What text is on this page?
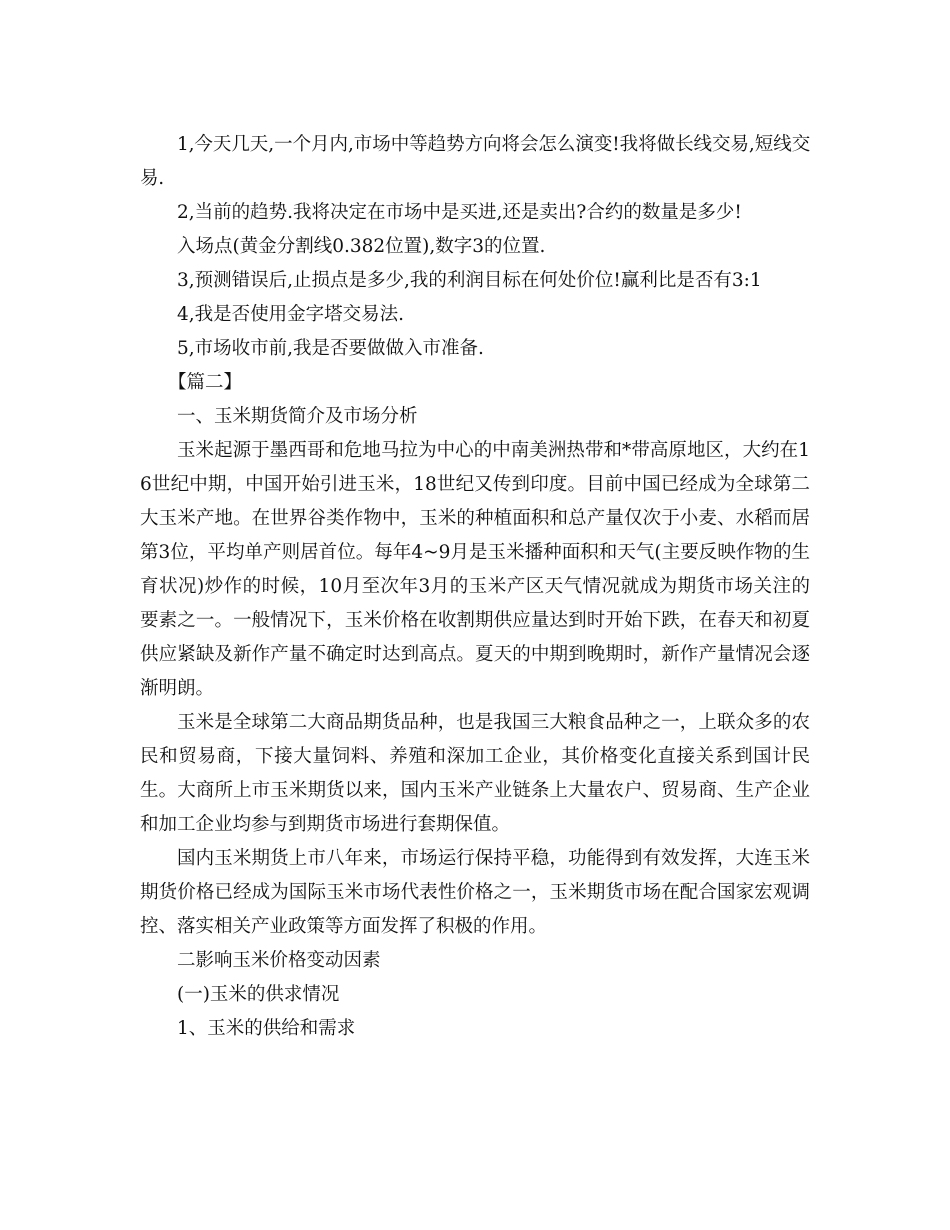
1,今天几天,一个月内,市场中等趋势方向将会怎么演变!我将做长线交易,短线交易.

2,当前的趋势.我将决定在市场中是买进,还是卖出?合约的数量是多少!

入场点(黄金分割线0.382位置),数字3的位置.

3,预测错误后,止损点是多少,我的利润目标在何处价位!赢利比是否有3:1

4,我是否使用金字塔交易法.

5,市场收市前,我是否要做做入市准备.

【篇二】

一、玉米期货简介及市场分析

玉米起源于墨西哥和危地马拉为中心的中南美洲热带和*带高原地区，大约在16世纪中期，中国开始引进玉米，18世纪又传到印度。目前中国已经成为全球第二大玉米产地。在世界谷类作物中，玉米的种植面积和总产量仅次于小麦、水稻而居第3位，平均单产则居首位。每年4~9月是玉米播种面积和天气(主要反映作物的生育状况)炒作的时候，10月至次年3月的玉米产区天气情况就成为期货市场关注的要素之一。一般情况下，玉米价格在收割期供应量达到时开始下跌，在春天和初夏供应紧缺及新作产量不确定时达到高点。夏天的中期到晚期时，新作产量情况会逐渐明朗。

玉米是全球第二大商品期货品种，也是我国三大粮食品种之一，上联众多的农民和贸易商，下接大量饲料、养殖和深加工企业，其价格变化直接关系到国计民生。大商所上市玉米期货以来，国内玉米产业链条上大量农户、贸易商、生产企业和加工企业均参与到期货市场进行套期保值。

国内玉米期货上市八年来，市场运行保持平稳，功能得到有效发挥，大连玉米期货价格已经成为国际玉米市场代表性价格之一，玉米期货市场在配合国家宏观调控、落实相关产业政策等方面发挥了积极的作用。

二影响玉米价格变动因素

(一)玉米的供求情况

1、玉米的供给和需求
